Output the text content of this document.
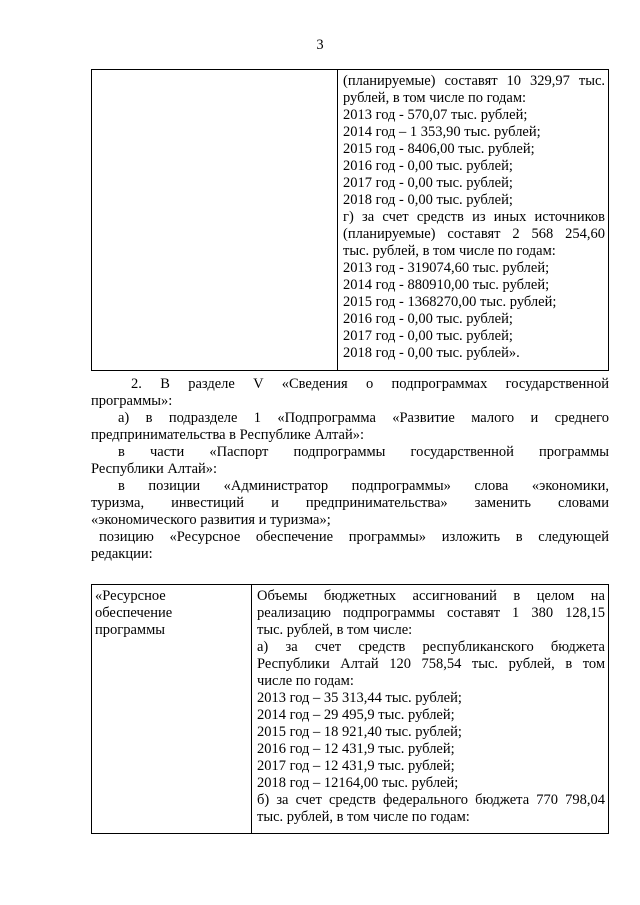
3
(планируемые) составят 10 329,97 тыс.
рублей, в том числе по годам:
2013 год - 570,07 тыс. рублей;
2014 год – 1 353,90 тыс. рублей;
2015 год - 8406,00 тыс. рублей;
2016 год - 0,00 тыс. рублей;
2017 год - 0,00 тыс. рублей;
2018 год - 0,00 тыс. рублей;
г) за счет средств из иных источников
(планируемые) составят 2 568 254,60
тыс. рублей, в том числе по годам:
2013 год - 319074,60 тыс. рублей;
2014 год - 880910,00 тыс. рублей;
2015 год - 1368270,00 тыс. рублей;
2016 год - 0,00 тыс. рублей;
2017 год - 0,00 тыс. рублей;
2018 год - 0,00 тыс. рублей».
2. В разделе V «Сведения о подпрограммах государственной
программы»:
а) в подразделе 1 «Подпрограмма «Развитие малого и среднего
предпринимательства в Республике Алтай»:
в части «Паспорт подпрограммы государственной программы
Республики Алтай»:
в позиции «Администратор подпрограммы» слова «экономики,
туризма, инвестиций и предпринимательства» заменить словами
«экономического развития и туризма»;
позицию «Ресурсное обеспечение программы» изложить в следующей
редакции:
«Ресурсное
обеспечение
программы
Объемы бюджетных ассигнований в целом на
реализацию подпрограммы составят 1 380 128,15
тыс. рублей, в том числе:
а) за счет средств республиканского бюджета
Республики Алтай 120 758,54 тыс. рублей, в том
числе по годам:
2013 год – 35 313,44 тыс. рублей;
2014 год – 29 495,9 тыс. рублей;
2015 год – 18 921,40 тыс. рублей;
2016 год – 12 431,9 тыс. рублей;
2017 год – 12 431,9 тыс. рублей;
2018 год – 12164,00 тыс. рублей;
б) за счет средств федерального бюджета 770 798,04
тыс. рублей, в том числе по годам:
